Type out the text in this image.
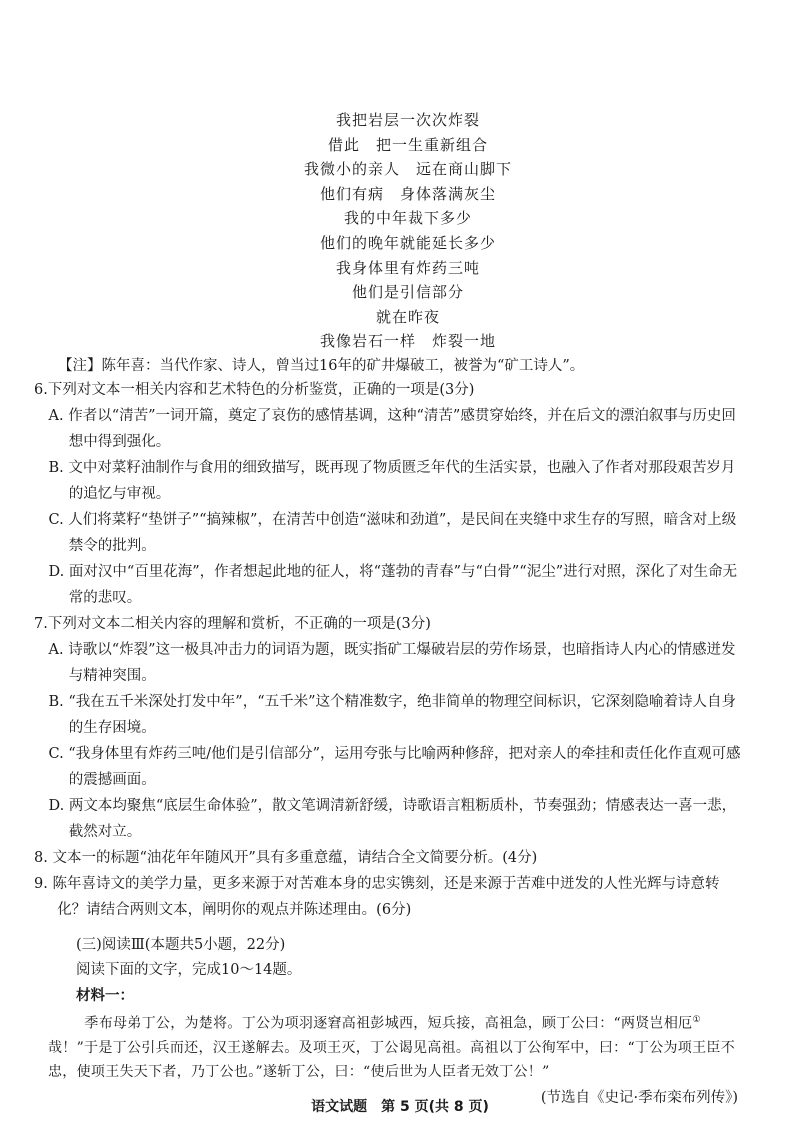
我把岩层一次次炸裂
借此　把一生重新组合
我微小的亲人　远在商山脚下
他们有病　身体落满灰尘
我的中年裁下多少
他们的晚年就能延长多少
我身体里有炸药三吨
他们是引信部分
就在昨夜
我像岩石一样　炸裂一地
【注】陈年喜：当代作家、诗人，曾当过16年的矿井爆破工，被誉为“矿工诗人”。

6.下列对文本一相关内容和艺术特色的分析鉴赏，正确的一项是(3分)

A. 作者以“清苦”一词开篇，奠定了哀伤的感情基调，这种“清苦”感贯穿始终，并在后文的漂泊叙事与历史回想中得到强化。

B. 文中对菜籽油制作与食用的细致描写，既再现了物质匮乏年代的生活实景，也融入了作者对那段艰苦岁月的追忆与审视。

C. 人们将菜籽“垫饼子”“搞辣椒”，在清苦中创造“滋味和劲道”，是民间在夹缝中求生存的写照，暗含对上级禁令的批判。

D. 面对汉中“百里花海”，作者想起此地的征人，将“蓬勃的青春”与“白骨”“泥尘”进行对照，深化了对生命无常的悲叹。

7.下列对文本二相关内容的理解和赏析，不正确的一项是(3分)

A. 诗歌以“炸裂”这一极具冲击力的词语为题，既实指矿工爆破岩层的劳作场景，也暗指诗人内心的情感迸发与精神突围。

B. “我在五千米深处打发中年”，“五千米”这个精准数字，绝非简单的物理空间标识，它深刻隐喻着诗人自身的生存困境。

C. “我身体里有炸药三吨/他们是引信部分”，运用夸张与比喻两种修辞，把对亲人的牵挂和责任化作直观可感的震撼画面。

D. 两文本均聚焦“底层生命体验”，散文笔调清新舒缓，诗歌语言粗粝质朴，节奏强劲；情感表达一喜一悲，截然对立。

8. 文本一的标题“油花年年随风开”具有多重意蕴，请结合全文简要分析。(4分)

9. 陈年喜诗文的美学力量，更多来源于对苦难本身的忠实镌刻，还是来源于苦难中迸发的人性光辉与诗意转化？请结合两则文本，阐明你的观点并陈述理由。(6分)

(三)阅读Ⅲ(本题共5小题，22分)
阅读下面的文字，完成10～14题。
材料一：

季布母弟丁公，为楚将。丁公为项羽逐窘高祖彭城西，短兵接，高祖急，顾丁公曰：“两贤岂相厄①哉！”于是丁公引兵而还，汉王遂解去。及项王灭，丁公谒见高祖。高祖以丁公徇军中，曰：“丁公为项王臣不忠，使项王失天下者，乃丁公也。”遂斩丁公，曰：“使后世为人臣者无效丁公！”

(节选自《史记·季布栾布列传》)
语文试题　第 5 页(共 8 页)
